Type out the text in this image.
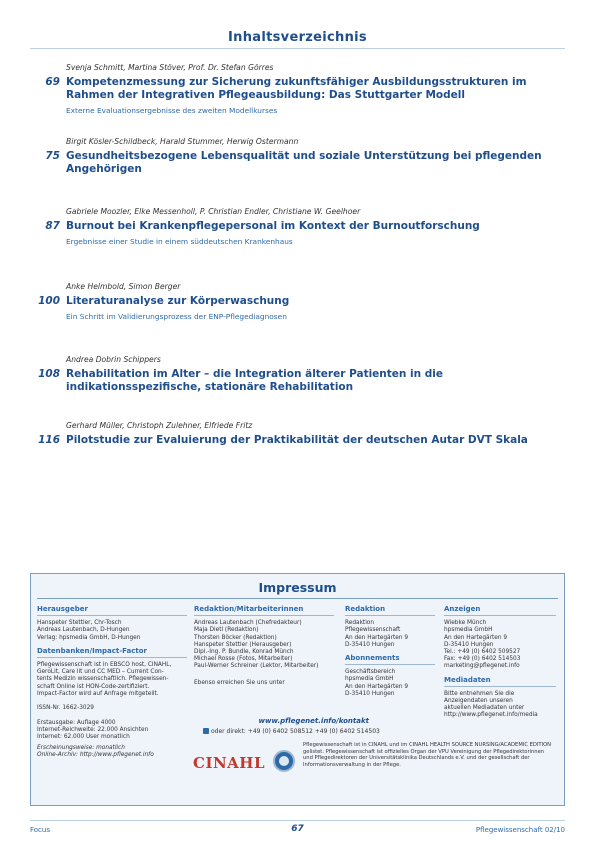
Inhaltsverzeichnis
Svenja Schmitt, Martina Stöver, Prof. Dr. Stefan Görres
69 Kompetenzmessung zur Sicherung zukunftsfähiger Ausbildungsstrukturen im Rahmen der Integrativen Pflegeausbildung: Das Stuttgarter Modell
Externe Evaluationsergebnisse des zweiten Modellkurses
Birgit Kösler-Schildbeck, Harald Stummer, Herwig Ostermann
75 Gesundheitsbezogene Lebensqualität und soziale Unterstützung bei pflegenden Angehörigen
Gabriele Moozler, Elke Messenholl, P. Christian Endler, Christiane W. Geelhoer
87 Burnout bei Krankenpflegepersonal im Kontext der Burnoutforschung
Ergebnisse einer Studie in einem süddeutschen Krankenhaus
Anke Helmbold, Simon Berger
100 Literaturanalyse zur Körperwaschung
Ein Schritt im Validierungsprozess der ENP-Pflegediagnosen
Andrea Dobrin Schippers
108 Rehabilitation im Alter – die Integration älterer Patienten in die indikationsspezifische, stationäre Rehabilitation
Gerhard Müller, Christoph Zulehner, Elfriede Fritz
116 Pilotstudie zur Evaluierung der Praktikabilität der deutschen Autar DVT Skala
Impressum
Herausgeber

Hanspeter Stettler, Chr-Tosch

Andreas Lautenbach, D-Hungen

Verlag: hpsmedia GmbH, D-Hungen

Datenbanken/Impact-Factor

Pflegewissenschaft ist in EBSCO host, CINAHL,

GeroLit, Care lit und CC MED – Current Con-

tents Medizin wissenschaftlich. Pflegewissen-

schaft Online ist HON-Code-zertifiziert.

Impact-Factor wird auf Anfrage mitgeteilt.

ISSN-Nr. 1662-3029

Erstausgabe: Auflage 4000

Internet-Reichweite: 22.000 Ansichten

Internet: 62.000 User monatlich

Erscheinungsweise: monatlich

Online-Archiv: http://www.pflegenet.info

Redaktion/Mitarbeiterinnen

Andreas Lautenbach (Chefredakteur)

Maja Dietl (Redaktion)

Thorsten Böcker (Redaktion)

Hanspeter Stettler (Herausgeber)

Dipl.-Ing. P. Bundle, Konrad Münch

Michael Rosse (Fotos, Mitarbeiter)

Paul-Werner Schreiner (Lektor, Mitarbeiter)

Ebenso erreichen Sie uns unter

www.pflegenet.info/kontakt
oder direkt: +49 (0) 6402 508512 +49 (0) 6402 514503
Redaktion

Redaktion

Pflegewissenschaft

An den Hartegärten 9

D-35410 Hungen

Abonnements

Geschäftsbereich

hpsmedia GmbH

An den Hartegärten 9

D-35410 Hungen

Anzeigen

Wiebke Münch

hpsmedia GmbH

An den Hartegärten 9

D-35410 Hungen

Tel.: +49 (0) 6402 509527

Fax: +49 (0) 6402 514503

marketing@pflegenet.info

Mediadaten

Bitte entnehmen Sie die

Anzeigendaten unseren

aktuellen Mediadaten unter

http://www.pflegenet.info/media

CINAHL
Pflegewissenschaft ist in CINAHL und im CINAHL HEALTH SOURCE NURSING/ACADEMIC EDITION gelistet. Pflegewissenschaft ist offizielles Organ der VPU Vereinigung der Pflegedirektorinnen und Pflegedirektoren der Universitätsklinika Deutschlands e.V. und der gesellschaft der Informationsverwaltung in der Pflege.
Focus	67	Pflegewissenschaft 02/10
